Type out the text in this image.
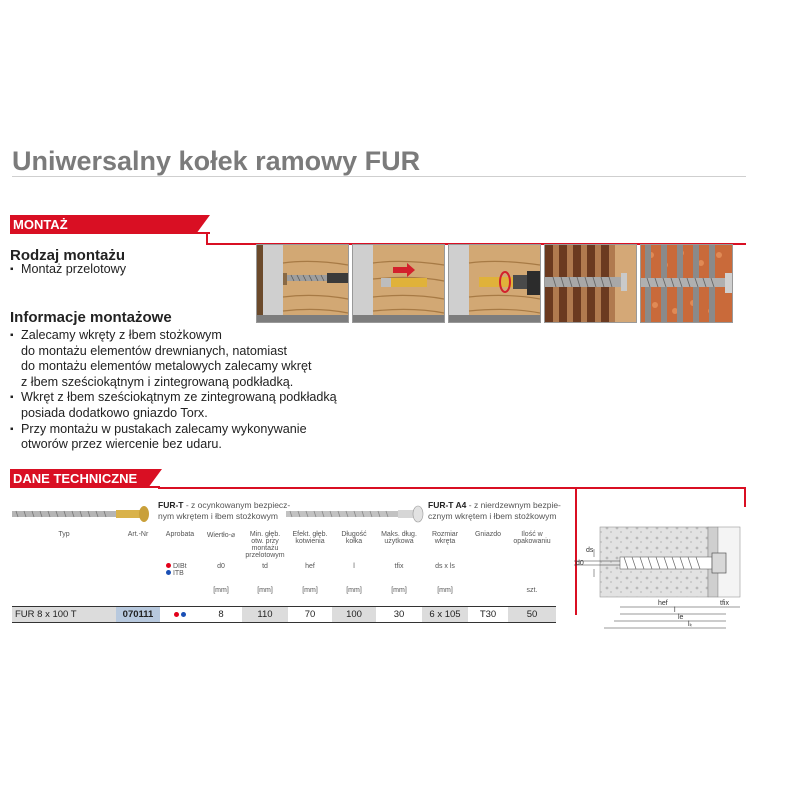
Uniwersalny kołek ramowy FUR
MONTAŻ
Rodzaj montażu
▪ Montaż przelotowy
Informacje montażowe
▪ Zalecamy wkręty z łbem stożkowym
do montażu elementów drewnianych, natomiast
do montażu elementów metalowych zalecamy wkręt
z łbem sześciokątnym i zintegrowaną podkładką.
▪ Wkręt z łbem sześciokątnym ze zintegrowaną podkładką
posiada dodatkowo gniazdo Torx.
▪ Przy montażu w pustakach zalecamy wykonywanie
otworów przez wiercenie bez udaru.
DANE TECHNICZNE
FUR-T - z ocynkowanym bezpiecz-
nym wkrętem i łbem stożkowym
FUR-T A4 - z nierdzewnym bezpie-
cznym wkrętem i łbem stożkowym
Typ	Art.-Nr	Aprobata	Wiertło-⌀	Min. głęb. otw. przy montażu przelotowym	Efekt. głęb. kotwienia	Długość kołka	Maks. dług. użytkowa	Rozmiar wkręta	Gniazdo	Ilość w opakowaniu

		DIBt
ITB	d0	td	hef	l	tfix	ds x ls		
			[mm]	[mm]	[mm]	[mm]	[mm]	[mm]		szt.
FUR 8 x 100 T	070111		8	110	70	100	30	6 x 105	T30	50
ds
d0
hef	tfix
l
le
lₖ
